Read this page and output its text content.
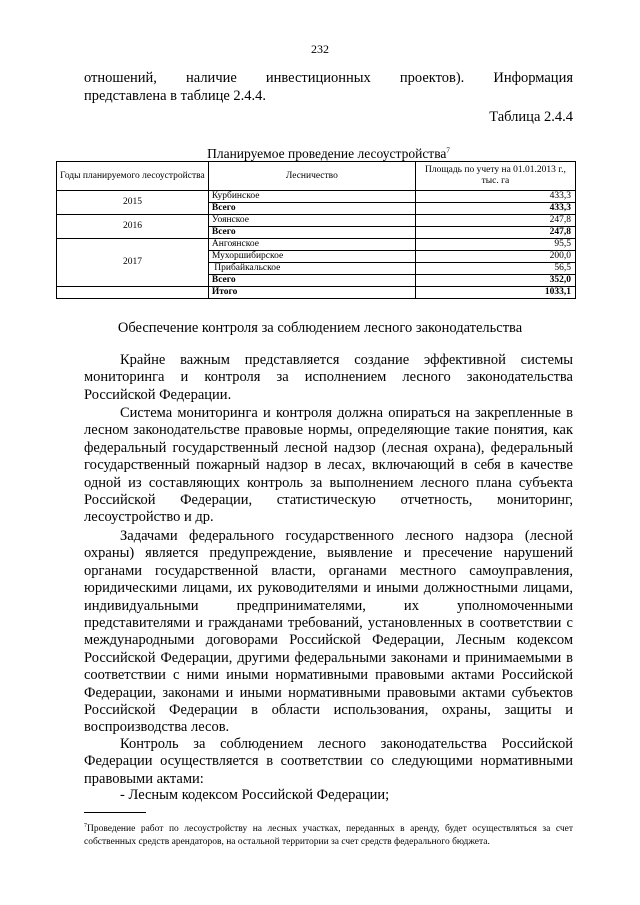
232
отношений, наличие инвестиционных проектов). Информация
представлена в таблице 2.4.4.
Таблица 2.4.4
Планируемое проведение лесоустройства$^7$
Годы планируемого лесоустройства	Лесничество	Площадь по учету на 01.01.2013 г., тыс. га
2015	Курбинское	433,3
	Всего	433,3
2016	Уоянское	247,8
	Всего	247,8
2017	Ангоянское	95,5
	Мухоршибирское	200,0
	Прибайкальское	56,5
	Всего	352,0
	Итого	1033,1
Обеспечение контроля за соблюдением лесного законодательства
Крайне важным представляется создание эффективной системы мониторинга и контроля за исполнением лесного законодательства Российской Федерации.
Система мониторинга и контроля должна опираться на закрепленные в лесном законодательстве правовые нормы, определяющие такие понятия, как федеральный государственный лесной надзор (лесная охрана), федеральный государственный пожарный надзор в лесах, включающий в себя в качестве одной из составляющих контроль за выполнением лесного плана субъекта Российской Федерации, статистическую отчетность, мониторинг, лесоустройство и др.
Задачами федерального государственного лесного надзора (лесной охраны) является предупреждение, выявление и пресечение нарушений органами государственной власти, органами местного самоуправления, юридическими лицами, их руководителями и иными должностными лицами, индивидуальными предпринимателями, их уполномоченными представителями и гражданами требований, установленных в соответствии с международными договорами Российской Федерации, Лесным кодексом Российской Федерации, другими федеральными законами и принимаемыми в соответствии с ними иными нормативными правовыми актами Российской Федерации, законами и иными нормативными правовыми актами субъектов Российской Федерации в области использования, охраны, защиты и воспроизводства лесов.
Контроль за соблюдением лесного законодательства Российской Федерации осуществляется в соответствии со следующими нормативными правовыми актами:
- Лесным кодексом Российской Федерации;
$^7$Проведение работ по лесоустройству на лесных участках, переданных в аренду, будет осуществляться за счет собственных средств арендаторов, на остальной территории за счет средств федерального бюджета.
